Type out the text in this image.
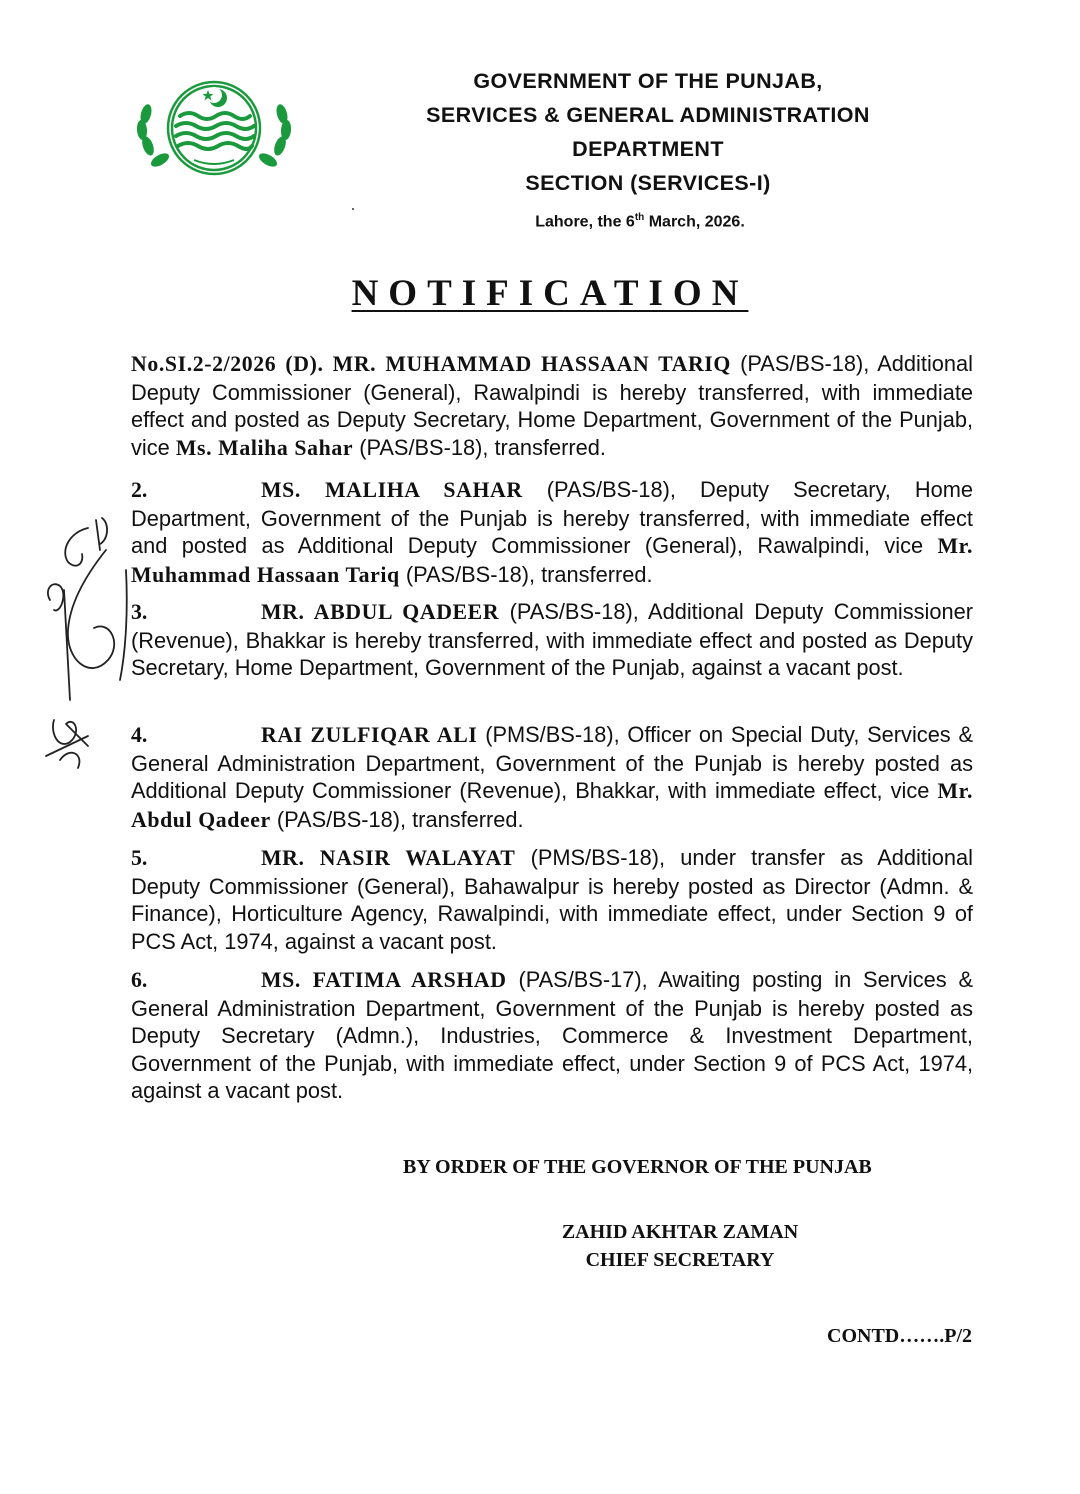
GOVERNMENT OF THE PUNJAB,
SERVICES & GENERAL ADMINISTRATION
DEPARTMENT
SECTION (SERVICES-I)
Lahore, the 6th March, 2026.
NOTIFICATION
No.SI.2-2/2026 (D). MR. MUHAMMAD HASSAAN TARIQ (PAS/BS-18), Additional Deputy Commissioner (General), Rawalpindi is hereby transferred, with immediate effect and posted as Deputy Secretary, Home Department, Government of the Punjab, vice Ms. Maliha Sahar (PAS/BS-18), transferred.
2.	MS. MALIHA SAHAR (PAS/BS-18), Deputy Secretary, Home Department, Government of the Punjab is hereby transferred, with immediate effect and posted as Additional Deputy Commissioner (General), Rawalpindi, vice Mr. Muhammad Hassaan Tariq (PAS/BS-18), transferred.
3.	MR. ABDUL QADEER (PAS/BS-18), Additional Deputy Commissioner (Revenue), Bhakkar is hereby transferred, with immediate effect and posted as Deputy Secretary, Home Department, Government of the Punjab, against a vacant post.
4.	RAI ZULFIQAR ALI (PMS/BS-18), Officer on Special Duty, Services & General Administration Department, Government of the Punjab is hereby posted as Additional Deputy Commissioner (Revenue), Bhakkar, with immediate effect, vice Mr. Abdul Qadeer (PAS/BS-18), transferred.
5.	MR. NASIR WALAYAT (PMS/BS-18), under transfer as Additional Deputy Commissioner (General), Bahawalpur is hereby posted as Director (Admn. & Finance), Horticulture Agency, Rawalpindi, with immediate effect, under Section 9 of PCS Act, 1974, against a vacant post.
6.	MS. FATIMA ARSHAD (PAS/BS-17), Awaiting posting in Services & General Administration Department, Government of the Punjab is hereby posted as Deputy Secretary (Admn.), Industries, Commerce & Investment Department, Government of the Punjab, with immediate effect, under Section 9 of PCS Act, 1974, against a vacant post.
BY ORDER OF THE GOVERNOR OF THE PUNJAB
ZAHID AKHTAR ZAMAN
CHIEF SECRETARY
CONTD…….P/2
